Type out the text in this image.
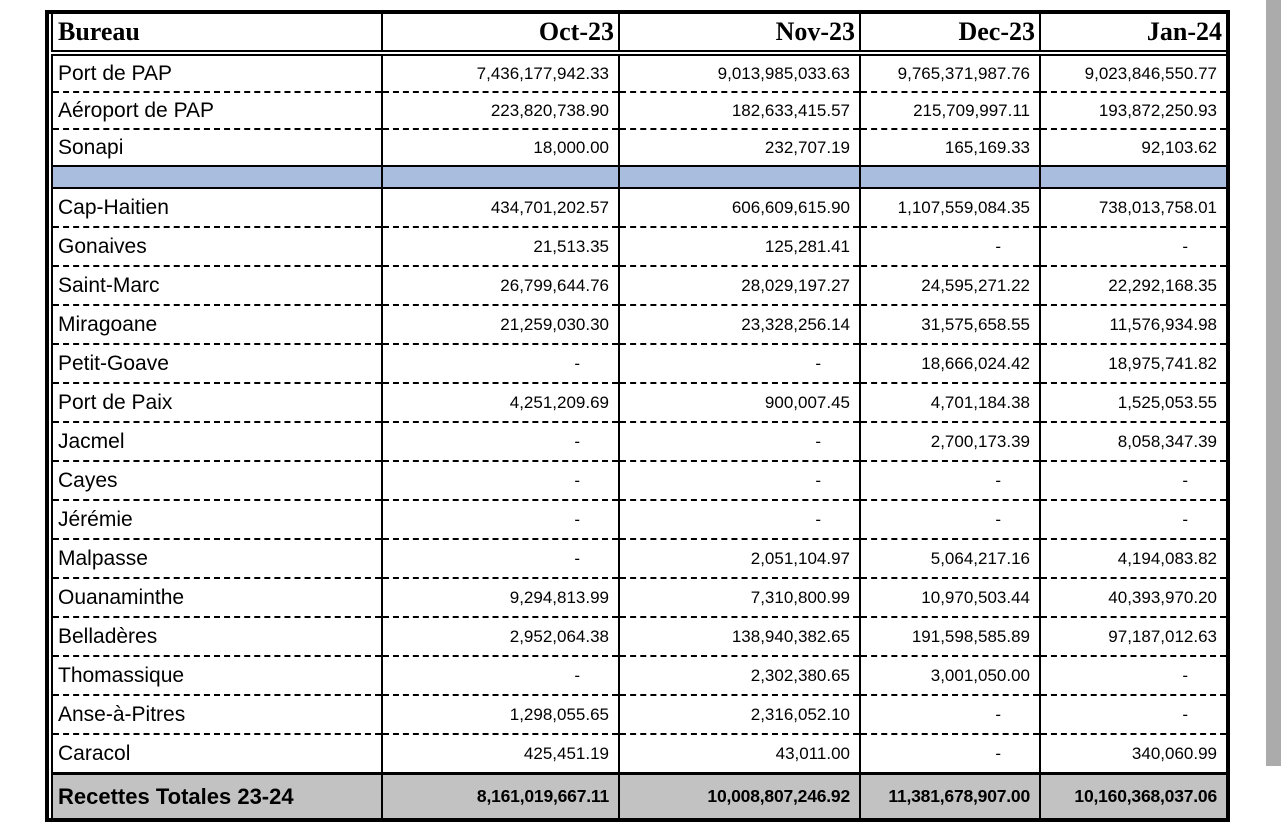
Bureau	Oct-23	Nov-23	Dec-23	Jan-24
Port de PAP	7,436,177,942.33	9,013,985,033.63	9,765,371,987.76	9,023,846,550.77
Aéroport de PAP	223,820,738.90	182,633,415.57	215,709,997.11	193,872,250.93
Sonapi	18,000.00	232,707.19	165,169.33	92,103.62

Cap-Haitien	434,701,202.57	606,609,615.90	1,107,559,084.35	738,013,758.01
Gonaives	21,513.35	125,281.41	-	-
Saint-Marc	26,799,644.76	28,029,197.27	24,595,271.22	22,292,168.35
Miragoane	21,259,030.30	23,328,256.14	31,575,658.55	11,576,934.98
Petit-Goave	-	-	18,666,024.42	18,975,741.82
Port de Paix	4,251,209.69	900,007.45	4,701,184.38	1,525,053.55
Jacmel	-	-	2,700,173.39	8,058,347.39
Cayes	-	-	-	-
Jérémie	-	-	-	-
Malpasse	-	2,051,104.97	5,064,217.16	4,194,083.82
Ouanaminthe	9,294,813.99	7,310,800.99	10,970,503.44	40,393,970.20
Belladères	2,952,064.38	138,940,382.65	191,598,585.89	97,187,012.63
Thomassique	-	2,302,380.65	3,001,050.00	-
Anse-à-Pitres	1,298,055.65	2,316,052.10	-	-
Caracol	425,451.19	43,011.00	-	340,060.99
Recettes Totales 23-24	8,161,019,667.11	10,008,807,246.92	11,381,678,907.00	10,160,368,037.06
